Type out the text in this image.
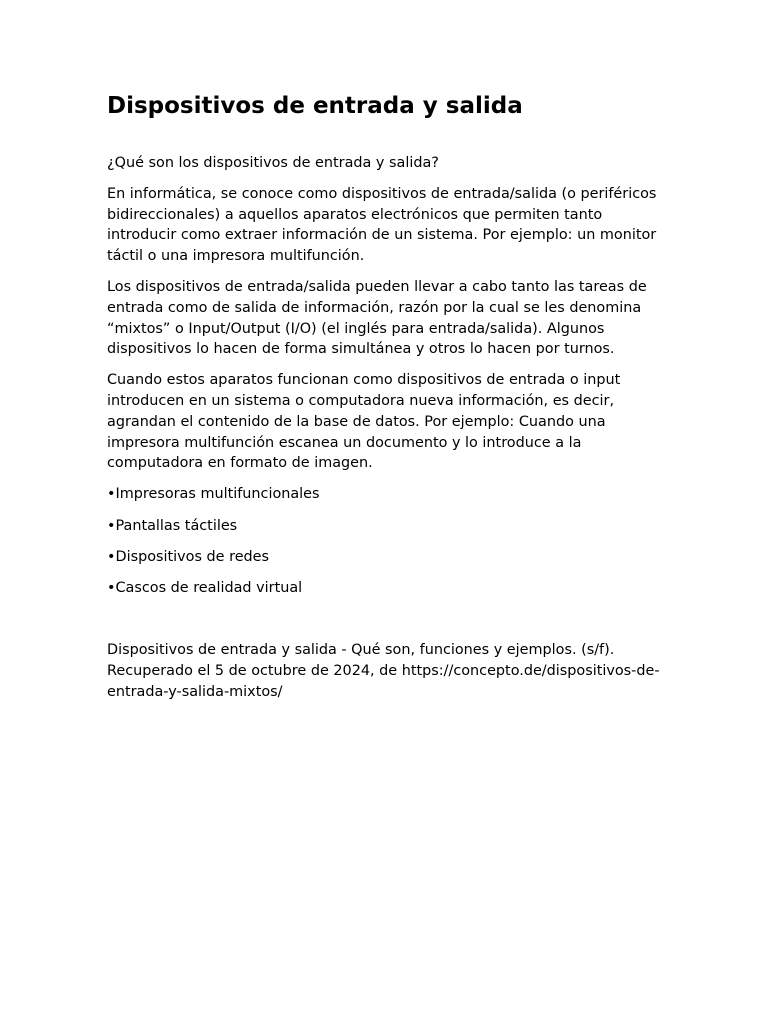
Dispositivos de entrada y salida

¿Qué son los dispositivos de entrada y salida?

En informática, se conoce como dispositivos de entrada/salida (o periféricos bidireccionales) a aquellos aparatos electrónicos que permiten tanto introducir como extraer información de un sistema. Por ejemplo: un monitor táctil o una impresora multifunción.

Los dispositivos de entrada/salida pueden llevar a cabo tanto las tareas de entrada como de salida de información, razón por la cual se les denomina “mixtos” o Input/Output (I/O) (el inglés para entrada/salida). Algunos dispositivos lo hacen de forma simultánea y otros lo hacen por turnos.

Cuando estos aparatos funcionan como dispositivos de entrada o input introducen en un sistema o computadora nueva información, es decir, agrandan el contenido de la base de datos. Por ejemplo: Cuando una impresora multifunción escanea un documento y lo introduce a la computadora en formato de imagen.

•Impresoras multifuncionales

•Pantallas táctiles

•Dispositivos de redes

•Cascos de realidad virtual

Dispositivos de entrada y salida - Qué son, funciones y ejemplos. (s/f). Recuperado el 5 de octubre de 2024, de https://concepto.de/dispositivos-de-entrada-y-salida-mixtos/
